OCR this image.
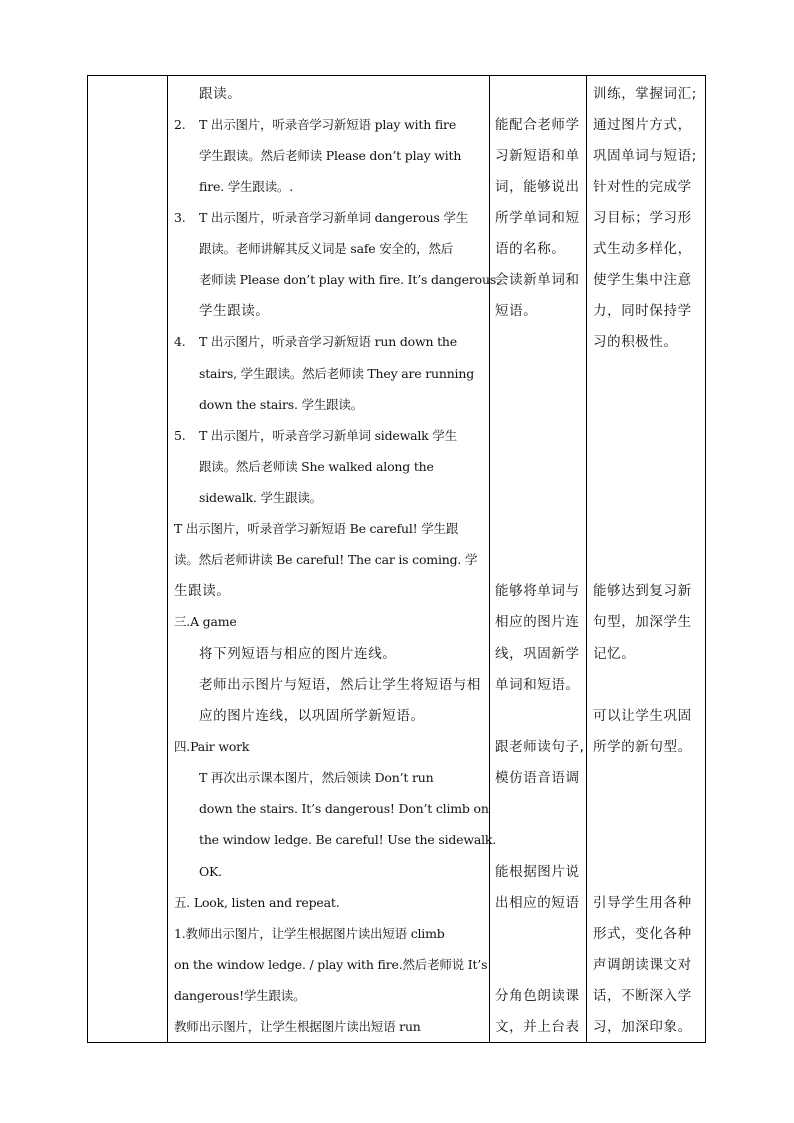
跟读。
2. T 出示图片，听录音学习新短语 play with fire
学生跟读。然后老师读 Please don’t play with
fire. 学生跟读。.
3. T 出示图片，听录音学习新单词 dangerous 学生
跟读。老师讲解其反义词是 safe 安全的，然后
老师读 Please don’t play with fire. It’s dangerous.
学生跟读。
4. T 出示图片，听录音学习新短语 run down the
stairs, 学生跟读。然后老师读 They are running
down the stairs. 学生跟读。
5. T 出示图片，听录音学习新单词 sidewalk 学生
跟读。然后老师读 She walked along the
sidewalk. 学生跟读。
T 出示图片，听录音学习新短语 Be careful! 学生跟
读。然后老师讲读 Be careful! The car is coming. 学
生跟读。
三.A game
将下列短语与相应的图片连线。
老师出示图片与短语，然后让学生将短语与相
应的图片连线，以巩固所学新短语。
四.Pair work
T 再次出示课本图片，然后领读 Don’t run
down the stairs. It’s dangerous! Don’t climb on
the window ledge. Be careful! Use the sidewalk.
OK.
五. Look, listen and repeat.
1.教师出示图片，让学生根据图片读出短语 climb
on the window ledge. / play with fire.然后老师说 It’s
dangerous!学生跟读。
教师出示图片，让学生根据图片读出短语 run
能配合老师学
习新短语和单
词，能够说出
所学单词和短
语的名称。
会读新单词和
短语。
能够将单词与
相应的图片连
线，巩固新学
单词和短语。
跟老师读句子,
模仿语音语调
能根据图片说
出相应的短语
分角色朗读课
文，并上台表
训练，掌握词汇;
通过图片方式，
巩固单词与短语;
针对性的完成学
习目标；学习形
式生动多样化，
使学生集中注意
力，同时保持学
习的积极性。
能够达到复习新
句型，加深学生
记忆。
可以让学生巩固
所学的新句型。
引导学生用各种
形式，变化各种
声调朗读课文对
话，不断深入学
习，加深印象。
